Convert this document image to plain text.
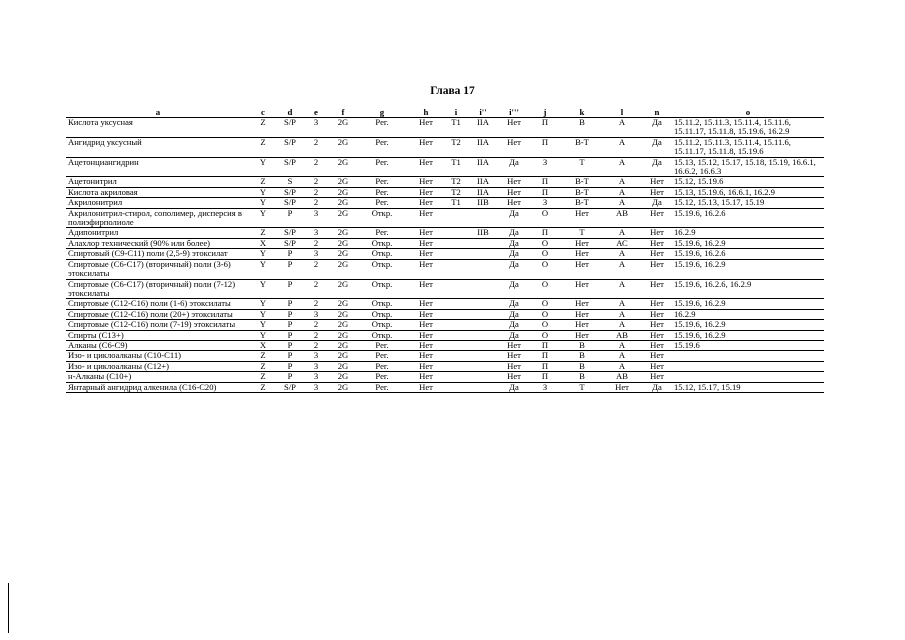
Глава 17
a	c	d	e	f	g	h	i	i''	i'''	j	k	l	n	o
Кислота уксусная	Z	S/P	3	2G	Рег.	Нет	T1	IIA	Нет	П	В	А	Да	15.11.2, 15.11.3, 15.11.4, 15.11.6, 15.11.17, 15.11.8, 15.19.6, 16.2.9
Ангидрид уксусный	Z	S/P	2	2G	Рег.	Нет	T2	IIA	Нет	П	В-Т	А	Да	15.11.2, 15.11.3, 15.11.4, 15.11.6, 15.11.17, 15.11.8, 15.19.6
Ацетонциангидрин	Y	S/P	2	2G	Рег.	Нет	T1	IIA	Да	З	Т	А	Да	15.13, 15.12, 15.17, 15.18, 15.19, 16.6.1, 16.6.2, 16.6.3
Ацетонитрил	Z	S	2	2G	Рег.	Нет	T2	IIA	Нет	П	В-Т	А	Нет	15.12, 15.19.6
Кислота акриловая	Y	S/P	2	2G	Рег.	Нет	T2	IIA	Нет	П	В-Т	А	Нет	15.13, 15.19.6, 16.6.1, 16.2.9
Акрилонитрил	Y	S/P	2	2G	Рег.	Нет	T1	IIB	Нет	З	В-Т	А	Да	15.12, 15.13, 15.17, 15.19
Акрилонитрил-стирол, сополимер, дисперсия в полиэфирполиоле	Y	P	3	2G	Откр.	Нет			Да	О	Нет	АВ	Нет	15.19.6, 16.2.6
Адипонитрил	Z	S/P	3	2G	Рег.	Нет		IIB	Да	П	Т	А	Нет	16.2.9
Алахлор технический (90% или более)	X	S/P	2	2G	Откр.	Нет			Да	О	Нет	АС	Нет	15.19.6, 16.2.9
Спиртовый (С9-С11) поли (2,5-9) этоксилат	Y	P	3	2G	Откр.	Нет			Да	О	Нет	А	Нет	15.19.6, 16.2.6
Спиртовые (С6-С17) (вторичный) поли (3-6) этоксилаты	Y	P	2	2G	Откр.	Нет			Да	О	Нет	А	Нет	15.19.6, 16.2.9
Спиртовые (С6-С17) (вторичный) поли (7-12) этоксилаты	Y	P	2	2G	Откр.	Нет			Да	О	Нет	А	Нет	15.19.6, 16.2.6, 16.2.9
Спиртовые (С12-С16) поли (1-6) этоксилаты	Y	P	2	2G	Откр.	Нет			Да	О	Нет	А	Нет	15.19.6, 16.2.9
Спиртовые (С12-С16) поли (20+) этоксилаты	Y	P	3	2G	Откр.	Нет			Да	О	Нет	А	Нет	16.2.9
Спиртовые (С12-С16) поли (7-19) этоксилаты	Y	P	2	2G	Откр.	Нет			Да	О	Нет	А	Нет	15.19.6, 16.2.9
Спирты (С13+)	Y	P	2	2G	Откр.	Нет			Да	О	Нет	АВ	Нет	15.19.6, 16.2.9
Алканы (С6-С9)	X	P	2	2G	Рег.	Нет			Нет	П	В	А	Нет	15.19.6
Изо- и циклоалканы (С10-С11)	Z	P	3	2G	Рег.	Нет			Нет	П	В	А	Нет	
Изо- и циклоалканы (С12+)	Z	P	3	2G	Рег.	Нет			Нет	П	В	А	Нет	
н-Алканы (С10+)	Z	P	3	2G	Рег.	Нет			Нет	П	В	АВ	Нет	
Янтарный ангидрид алкенила (С16-С20)	Z	S/P	3	2G	Рег.	Нет			Да	З	Т	Нет	Да	15.12, 15.17, 15.19
